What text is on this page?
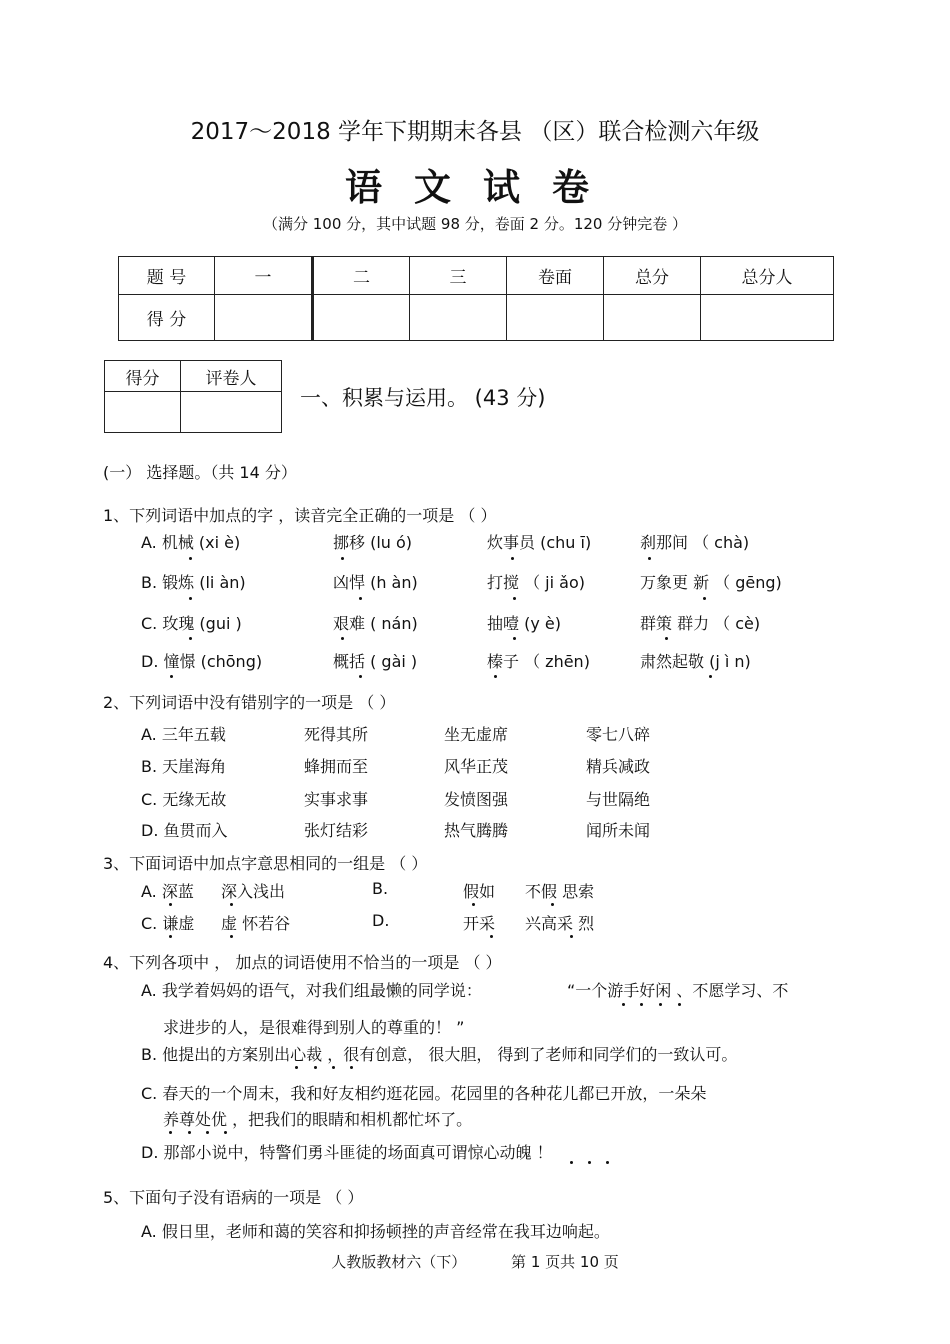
2017～2018 学年下期期末各县 （区）联合检测六年级
语文试卷
（满分 100 分，其中试题 98 分，卷面 2 分。120 分钟完卷 ）
题 号	一	二	三	卷面	总分	总分人
得 分						
得分	评卷人

一、积累与运用。 (43 分)
(一） 选择题。（共 14 分）
1、下列词语中加点的字 ，读音完全正确的一项是 （ ）
A. 机械 (xi è)	挪移 (lu ó)	炊事员 (chu ī)	刹那间 （ chà)
B. 锻炼 (li àn)	凶悍 (h àn)	打搅 （ ji ǎo)	万象更 新 （ gēng)
C. 玫瑰 (gui )	艰难 ( nán)	抽噎 (y è)	群策 群力 （ cè)
D. 憧憬 (chōng)	概括 ( gài )	榛子 （ zhēn)	肃然起敬 (j ì n)
2、下列词语中没有错别字的一项是 （ ）
A. 三年五载	死得其所	坐无虚席	零七八碎
B. 天崖海角	蜂拥而至	风华正茂	精兵减政
C. 无缘无故	实事求事	发愤图强	与世隔绝
D. 鱼贯而入	张灯结彩	热气腾腾	闻所未闻
3、下面词语中加点字意思相同的一组是 （ ）
A. 深蓝 深入浅出	B.	假如 不假 思索
C. 谦虚 虚 怀若谷	D.	开采 兴高采 烈
4、下列各项中 ， 加点的词语使用不恰当的一项是 （ ）
A. 我学着妈妈的语气，对我们组最懒的同学说：	“一个游手好闲 、不愿学习、不
求进步的人，是很难得到别人的尊重的！ ”
B. 他提出的方案别出心裁 ，很有创意， 很大胆， 得到了老师和同学们的一致认可。
C. 春天的一个周末，我和好友相约逛花园。花园里的各种花儿都已开放，一朵朵
养尊处优 ，把我们的眼睛和相机都忙坏了。
D. 那部小说中，特警们勇斗匪徒的场面真可谓惊心动魄 ！
5、下面句子没有语病的一项是 （ ）
A. 假日里，老师和蔼的笑容和抑扬顿挫的声音经常在我耳边响起。
人教版教材六（下）	第 1 页共 10 页
